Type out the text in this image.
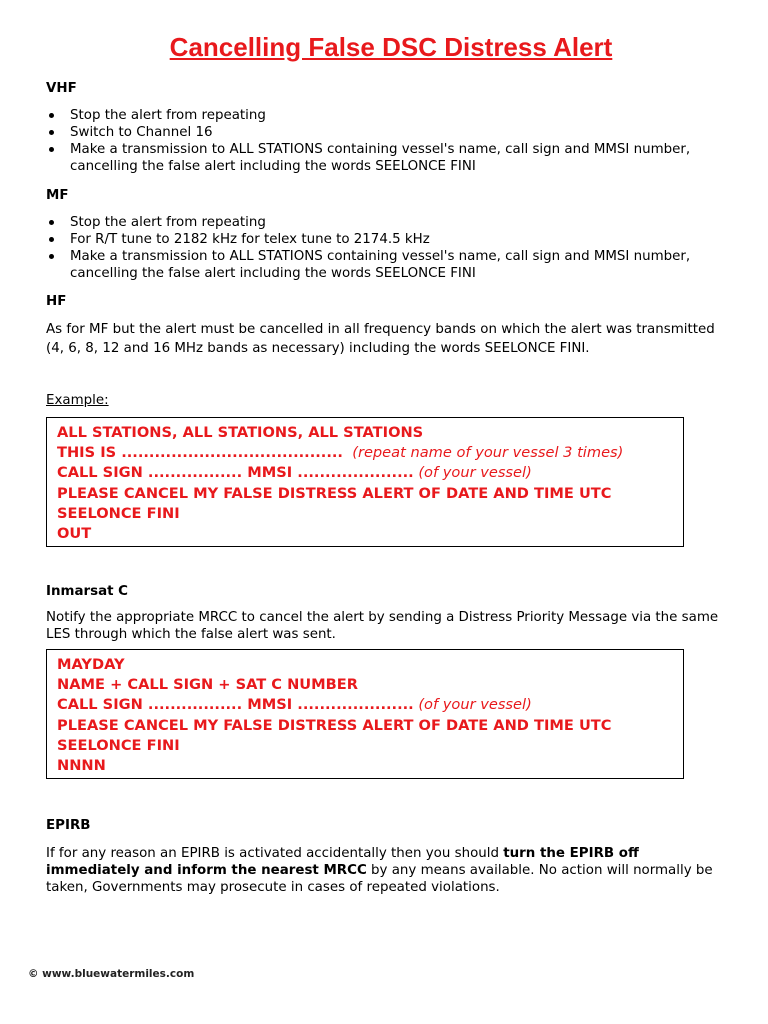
Cancelling False DSC Distress Alert
VHF
Stop the alert from repeating
Switch to Channel 16
Make a transmission to ALL STATIONS containing vessel's name, call sign and MMSI number, cancelling the false alert including the words SEELONCE FINI
MF
Stop the alert from repeating
For R/T tune to 2182 kHz for telex tune to 2174.5 kHz
Make a transmission to ALL STATIONS containing vessel's name, call sign and MMSI number, cancelling the false alert including the words SEELONCE FINI
HF
As for MF but the alert must be cancelled in all frequency bands on which the alert was transmitted (4, 6, 8, 12 and 16 MHz bands as necessary) including the words SEELONCE FINI.
Example:
ALL STATIONS, ALL STATIONS, ALL STATIONS
THIS IS ........................................ (repeat name of your vessel 3 times)
CALL SIGN ................. MMSI ..................... (of your vessel)
PLEASE CANCEL MY FALSE DISTRESS ALERT OF DATE AND TIME UTC
SEELONCE FINI
OUT
Inmarsat C
Notify the appropriate MRCC to cancel the alert by sending a Distress Priority Message via the same LES through which the false alert was sent.
MAYDAY
NAME + CALL SIGN + SAT C NUMBER
CALL SIGN ................. MMSI ..................... (of your vessel)
PLEASE CANCEL MY FALSE DISTRESS ALERT OF DATE AND TIME UTC
SEELONCE FINI
NNNN
EPIRB
If for any reason an EPIRB is activated accidentally then you should turn the EPIRB off immediately and inform the nearest MRCC by any means available. No action will normally be taken, Governments may prosecute in cases of repeated violations.
© www.bluewatermiles.com
